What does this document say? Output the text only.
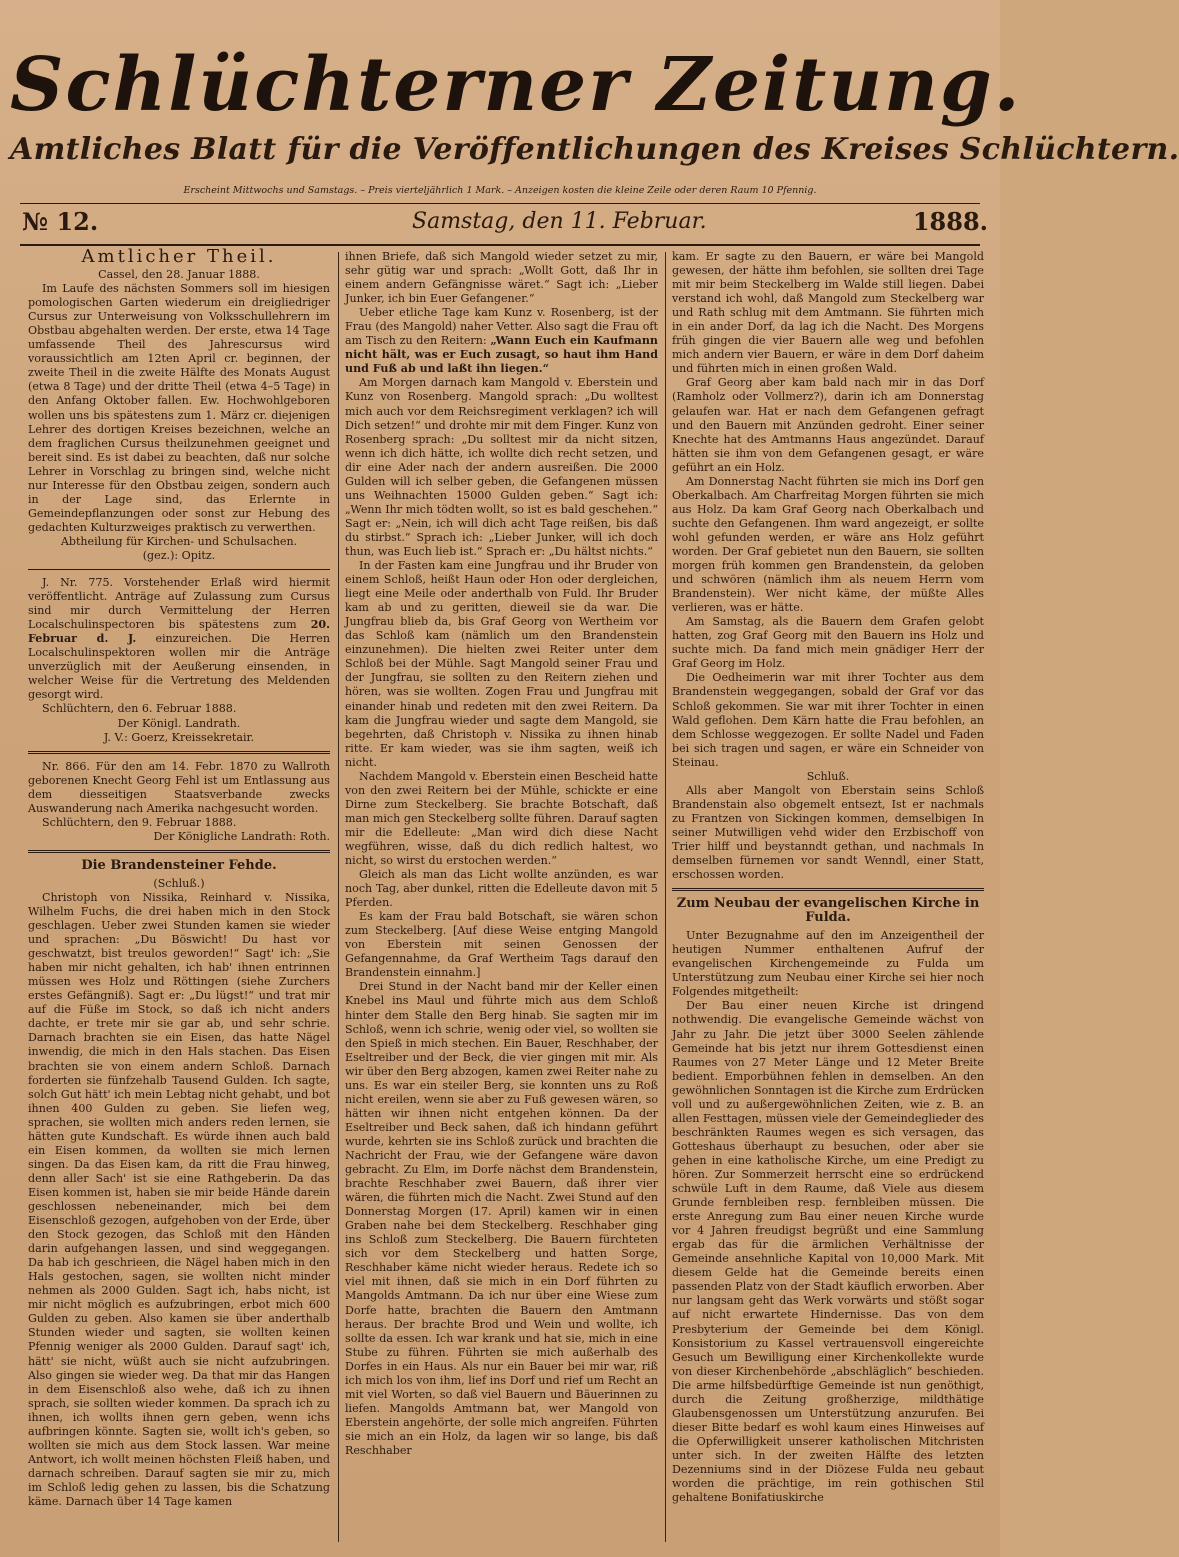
Schlüchterner Zeitung.
Amtliches Blatt für die Veröffentlichungen des Kreises Schlüchtern.
Erscheint Mittwochs und Samstags. – Preis vierteljährlich 1 Mark. – Anzeigen kosten die kleine Zeile oder deren Raum 10 Pfennig.
№ 12.	Samstag, den 11. Februar.	1888.

Amtlicher Theil.

Cassel, den 28. Januar 1888.

Im Laufe des nächsten Sommers soll im hiesigen pomologischen Garten wiederum ein dreigliedriger Cursus zur Unterweisung von Volksschullehrern im Obstbau abgehalten werden. Der erste, etwa 14 Tage umfassende Theil des Jahrescursus wird voraussichtlich am 12ten April cr. beginnen, der zweite Theil in die zweite Hälfte des Monats August (etwa 8 Tage) und der dritte Theil (etwa 4–5 Tage) in den Anfang Oktober fallen. Ew. Hochwohlgeboren wollen uns bis spätestens zum 1. März cr. diejenigen Lehrer des dortigen Kreises bezeichnen, welche an dem fraglichen Cursus theilzunehmen geeignet und bereit sind. Es ist dabei zu beachten, daß nur solche Lehrer in Vorschlag zu bringen sind, welche nicht nur Interesse für den Obstbau zeigen, sondern auch in der Lage sind, das Erlernte in Gemeindepflanzungen oder sonst zur Hebung des gedachten Kulturzweiges praktisch zu verwerthen.

Abtheilung für Kirchen- und Schulsachen.

(gez.): Opitz.

J. Nr. 775. Vorstehender Erlaß wird hiermit veröffentlicht. Anträge auf Zulassung zum Cursus sind mir durch Vermittelung der Herren Localschulinspectoren bis spätestens zum 20. Februar d. J. einzureichen. Die Herren Localschulinspektoren wollen mir die Anträge unverzüglich mit der Aeußerung einsenden, in welcher Weise für die Vertretung des Meldenden gesorgt wird.

Schlüchtern, den 6. Februar 1888.

Der Königl. Landrath.

J. V.: Goerz, Kreissekretair.

Nr. 866. Für den am 14. Febr. 1870 zu Wallroth geborenen Knecht Georg Fehl ist um Entlassung aus dem diesseitigen Staatsverbande zwecks Auswanderung nach Amerika nachgesucht worden.

Schlüchtern, den 9. Februar 1888.

Der Königliche Landrath: Roth.

Die Brandensteiner Fehde.

(Schluß.)

Christoph von Nissika, Reinhard v. Nissika, Wilhelm Fuchs, die drei haben mich in den Stock geschlagen. Ueber zwei Stunden kamen sie wieder und sprachen: „Du Böswicht! Du hast vor geschwatzt, bist treulos geworden!“ Sagt' ich: „Sie haben mir nicht gehalten, ich hab' ihnen entrinnen müssen wes Holz und Röttingen (siehe Zurchers erstes Gefängniß). Sagt er: „Du lügst!“ und trat mir auf die Füße im Stock, so daß ich nicht anders dachte, er trete mir sie gar ab, und sehr schrie. Darnach brachten sie ein Eisen, das hatte Nägel inwendig, die mich in den Hals stachen. Das Eisen brachten sie von einem andern Schloß. Darnach forderten sie fünfzehalb Tausend Gulden. Ich sagte, solch Gut hätt' ich mein Lebtag nicht gehabt, und bot ihnen 400 Gulden zu geben. Sie liefen weg, sprachen, sie wollten mich anders reden lernen, sie hätten gute Kundschaft. Es würde ihnen auch bald ein Eisen kommen, da wollten sie mich lernen singen. Da das Eisen kam, da ritt die Frau hinweg, denn aller Sach' ist sie eine Rathgeberin. Da das Eisen kommen ist, haben sie mir beide Hände darein geschlossen nebeneinander, mich bei dem Eisenschloß gezogen, aufgehoben von der Erde, über den Stock gezogen, das Schloß mit den Händen darin aufgehangen lassen, und sind weggegangen. Da hab ich geschrieen, die Nägel haben mich in den Hals gestochen, sagen, sie wollten nicht minder nehmen als 2000 Gulden. Sagt ich, habs nicht, ist mir nicht möglich es aufzubringen, erbot mich 600 Gulden zu geben. Also kamen sie über anderthalb Stunden wieder und sagten, sie wollten keinen Pfennig weniger als 2000 Gulden. Darauf sagt' ich, hätt' sie nicht, wüßt auch sie nicht aufzubringen. Also gingen sie wieder weg. Da that mir das Hangen in dem Eisenschloß also wehe, daß ich zu ihnen sprach, sie sollten wieder kommen. Da sprach ich zu ihnen, ich wollts ihnen gern geben, wenn ichs aufbringen könnte. Sagten sie, wollt ich's geben, so wollten sie mich aus dem Stock lassen. War meine Antwort, ich wollt meinen höchsten Fleiß haben, und darnach schreiben. Darauf sagten sie mir zu, mich im Schloß ledig gehen zu lassen, bis die Schatzung käme. Darnach über 14 Tage kamen

ihnen Briefe, daß sich Mangold wieder setzet zu mir, sehr gütig war und sprach: „Wollt Gott, daß Ihr in einem andern Gefängnisse wäret.“ Sagt ich: „Lieber Junker, ich bin Euer Gefangener.“

Ueber etliche Tage kam Kunz v. Rosenberg, ist der Frau (des Mangold) naher Vetter. Also sagt die Frau oft am Tisch zu den Reitern: „Wann Euch ein Kaufmann nicht hält, was er Euch zusagt, so haut ihm Hand und Fuß ab und laßt ihn liegen.“

Am Morgen darnach kam Mangold v. Eberstein und Kunz von Rosenberg. Mangold sprach: „Du wolltest mich auch vor dem Reichsregiment verklagen? ich will Dich setzen!“ und drohte mir mit dem Finger. Kunz von Rosenberg sprach: „Du solltest mir da nicht sitzen, wenn ich dich hätte, ich wollte dich recht setzen, und dir eine Ader nach der andern ausreißen. Die 2000 Gulden will ich selber geben, die Gefangenen müssen uns Weihnachten 15000 Gulden geben.“ Sagt ich: „Wenn Ihr mich tödten wollt, so ist es bald geschehen.“ Sagt er: „Nein, ich will dich acht Tage reißen, bis daß du stirbst.“ Sprach ich: „Lieber Junker, will ich doch thun, was Euch lieb ist.“ Sprach er: „Du hältst nichts.“

In der Fasten kam eine Jungfrau und ihr Bruder von einem Schloß, heißt Haun oder Hon oder dergleichen, liegt eine Meile oder anderthalb von Fuld. Ihr Bruder kam ab und zu geritten, dieweil sie da war. Die Jungfrau blieb da, bis Graf Georg von Wertheim vor das Schloß kam (nämlich um den Brandenstein einzunehmen). Die hielten zwei Reiter unter dem Schloß bei der Mühle. Sagt Mangold seiner Frau und der Jungfrau, sie sollten zu den Reitern ziehen und hören, was sie wollten. Zogen Frau und Jungfrau mit einander hinab und redeten mit den zwei Reitern. Da kam die Jungfrau wieder und sagte dem Mangold, sie begehrten, daß Christoph v. Nissika zu ihnen hinab ritte. Er kam wieder, was sie ihm sagten, weiß ich nicht.

Nachdem Mangold v. Eberstein einen Bescheid hatte von den zwei Reitern bei der Mühle, schickte er eine Dirne zum Steckelberg. Sie brachte Botschaft, daß man mich gen Steckelberg sollte führen. Darauf sagten mir die Edelleute: „Man wird dich diese Nacht wegführen, wisse, daß du dich redlich haltest, wo nicht, so wirst du erstochen werden.“

Gleich als man das Licht wollte anzünden, es war noch Tag, aber dunkel, ritten die Edelleute davon mit 5 Pferden.

Es kam der Frau bald Botschaft, sie wären schon zum Steckelberg. [Auf diese Weise entging Mangold von Eberstein mit seinen Genossen der Gefangennahme, da Graf Wertheim Tags darauf den Brandenstein einnahm.]

Drei Stund in der Nacht band mir der Keller einen Knebel ins Maul und führte mich aus dem Schloß hinter dem Stalle den Berg hinab. Sie sagten mir im Schloß, wenn ich schrie, wenig oder viel, so wollten sie den Spieß in mich stechen. Ein Bauer, Reschhaber, der Eseltreiber und der Beck, die vier gingen mit mir. Als wir über den Berg abzogen, kamen zwei Reiter nahe zu uns. Es war ein steiler Berg, sie konnten uns zu Roß nicht ereilen, wenn sie aber zu Fuß gewesen wären, so hätten wir ihnen nicht entgehen können. Da der Eseltreiber und Beck sahen, daß ich hindann geführt wurde, kehrten sie ins Schloß zurück und brachten die Nachricht der Frau, wie der Gefangene wäre davon gebracht. Zu Elm, im Dorfe nächst dem Brandenstein, brachte Reschhaber zwei Bauern, daß ihrer vier wären, die führten mich die Nacht. Zwei Stund auf den Donnerstag Morgen (17. April) kamen wir in einen Graben nahe bei dem Steckelberg. Reschhaber ging ins Schloß zum Steckelberg. Die Bauern fürchteten sich vor dem Steckelberg und hatten Sorge, Reschhaber käme nicht wieder heraus. Redete ich so viel mit ihnen, daß sie mich in ein Dorf führten zu Mangolds Amtmann. Da ich nur über eine Wiese zum Dorfe hatte, brachten die Bauern den Amtmann heraus. Der brachte Brod und Wein und wollte, ich sollte da essen. Ich war krank und hat sie, mich in eine Stube zu führen. Führten sie mich außerhalb des Dorfes in ein Haus. Als nur ein Bauer bei mir war, riß ich mich los von ihm, lief ins Dorf und rief um Recht an mit viel Worten, so daß viel Bauern und Bäuerinnen zu liefen. Mangolds Amtmann bat, wer Mangold von Eberstein angehörte, der solle mich angreifen. Führten sie mich an ein Holz, da lagen wir so lange, bis daß Reschhaber

kam. Er sagte zu den Bauern, er wäre bei Mangold gewesen, der hätte ihm befohlen, sie sollten drei Tage mit mir beim Steckelberg im Walde still liegen. Dabei verstand ich wohl, daß Mangold zum Steckelberg war und Rath schlug mit dem Amtmann. Sie führten mich in ein ander Dorf, da lag ich die Nacht. Des Morgens früh gingen die vier Bauern alle weg und befohlen mich andern vier Bauern, er wäre in dem Dorf daheim und führten mich in einen großen Wald.

Graf Georg aber kam bald nach mir in das Dorf (Ramholz oder Vollmerz?), darin ich am Donnerstag gelaufen war. Hat er nach dem Gefangenen gefragt und den Bauern mit Anzünden gedroht. Einer seiner Knechte hat des Amtmanns Haus angezündet. Darauf hätten sie ihm von dem Gefangenen gesagt, er wäre geführt an ein Holz.

Am Donnerstag Nacht führten sie mich ins Dorf gen Oberkalbach. Am Charfreitag Morgen führten sie mich aus Holz. Da kam Graf Georg nach Oberkalbach und suchte den Gefangenen. Ihm ward angezeigt, er sollte wohl gefunden werden, er wäre ans Holz geführt worden. Der Graf gebietet nun den Bauern, sie sollten morgen früh kommen gen Brandenstein, da geloben und schwören (nämlich ihm als neuem Herrn vom Brandenstein). Wer nicht käme, der müßte Alles verlieren, was er hätte.

Am Samstag, als die Bauern dem Grafen gelobt hatten, zog Graf Georg mit den Bauern ins Holz und suchte mich. Da fand mich mein gnädiger Herr der Graf Georg im Holz.

Die Oedheimerin war mit ihrer Tochter aus dem Brandenstein weggegangen, sobald der Graf vor das Schloß gekommen. Sie war mit ihrer Tochter in einen Wald geflohen. Dem Kärn hatte die Frau befohlen, an dem Schlosse weggezogen. Er sollte Nadel und Faden bei sich tragen und sagen, er wäre ein Schneider von Steinau.

Schluß.

Alls aber Mangolt von Eberstain seins Schloß Brandenstain also obgemelt entsezt, Ist er nachmals zu Frantzen von Sickingen kommen, demselbigen In seiner Mutwilligen vehd wider den Erzbischoff von Trier hilff und beystanndt gethan, und nachmals In demselben fürnemen vor sandt Wenndl, einer Statt, erschossen worden.

Zum Neubau der evangelischen Kirche in Fulda.

Unter Bezugnahme auf den im Anzeigentheil der heutigen Nummer enthaltenen Aufruf der evangelischen Kirchengemeinde zu Fulda um Unterstützung zum Neubau einer Kirche sei hier noch Folgendes mitgetheilt:

Der Bau einer neuen Kirche ist dringend nothwendig. Die evangelische Gemeinde wächst von Jahr zu Jahr. Die jetzt über 3000 Seelen zählende Gemeinde hat bis jetzt nur ihrem Gottesdienst einen Raumes von 27 Meter Länge und 12 Meter Breite bedient. Emporbühnen fehlen in demselben. An den gewöhnlichen Sonntagen ist die Kirche zum Erdrücken voll und zu außergewöhnlichen Zeiten, wie z. B. an allen Festtagen, müssen viele der Gemeindeglieder des beschränkten Raumes wegen es sich versagen, das Gotteshaus überhaupt zu besuchen, oder aber sie gehen in eine katholische Kirche, um eine Predigt zu hören. Zur Sommerzeit herrscht eine so erdrückend schwüle Luft in dem Raume, daß Viele aus diesem Grunde fernbleiben resp. fernbleiben müssen. Die erste Anregung zum Bau einer neuen Kirche wurde vor 4 Jahren freudigst begrüßt und eine Sammlung ergab das für die ärmlichen Verhältnisse der Gemeinde ansehnliche Kapital von 10,000 Mark. Mit diesem Gelde hat die Gemeinde bereits einen passenden Platz von der Stadt käuflich erworben. Aber nur langsam geht das Werk vorwärts und stößt sogar auf nicht erwartete Hindernisse. Das von dem Presbyterium der Gemeinde bei dem Königl. Konsistorium zu Kassel vertrauensvoll eingereichte Gesuch um Bewilligung einer Kirchenkollekte wurde von dieser Kirchenbehörde „abschläglich“ beschieden. Die arme hilfsbedürftige Gemeinde ist nun genöthigt, durch die Zeitung großherzige, mildthätige Glaubensgenossen um Unterstützung anzurufen. Bei dieser Bitte bedarf es wohl kaum eines Hinweises auf die Opferwilligkeit unserer katholischen Mitchristen unter sich. In der zweiten Hälfte des letzten Dezenniums sind in der Diözese Fulda neu gebaut worden die prächtige, im rein gothischen Stil gehaltene Bonifatiuskirche
